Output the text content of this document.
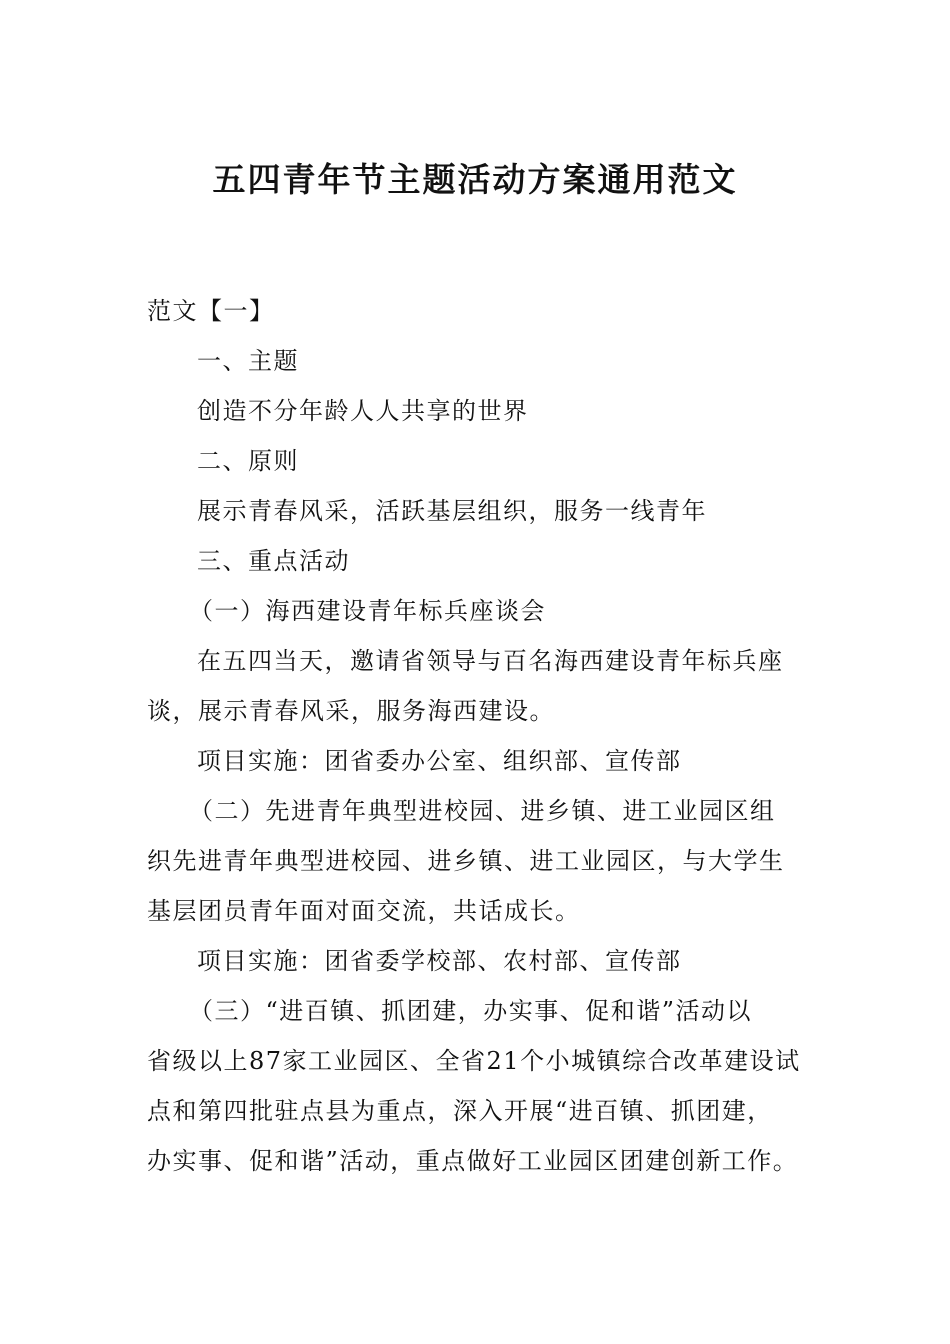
五四青年节主题活动方案通用范文

范文【一】

一、主题

创造不分年龄人人共享的世界

二、原则

展示青春风采，活跃基层组织，服务一线青年

三、重点活动

（一）海西建设青年标兵座谈会

在五四当天，邀请省领导与百名海西建设青年标兵座

谈，展示青春风采，服务海西建设。

项目实施：团省委办公室、组织部、宣传部

（二）先进青年典型进校园、进乡镇、进工业园区组

织先进青年典型进校园、进乡镇、进工业园区，与大学生

基层团员青年面对面交流，共话成长。

项目实施：团省委学校部、农村部、宣传部

（三）“进百镇、抓团建，办实事、促和谐”活动以

省级以上87家工业园区、全省21个小城镇综合改革建设试

点和第四批驻点县为重点，深入开展“进百镇、抓团建，

办实事、促和谐”活动，重点做好工业园区团建创新工作。
